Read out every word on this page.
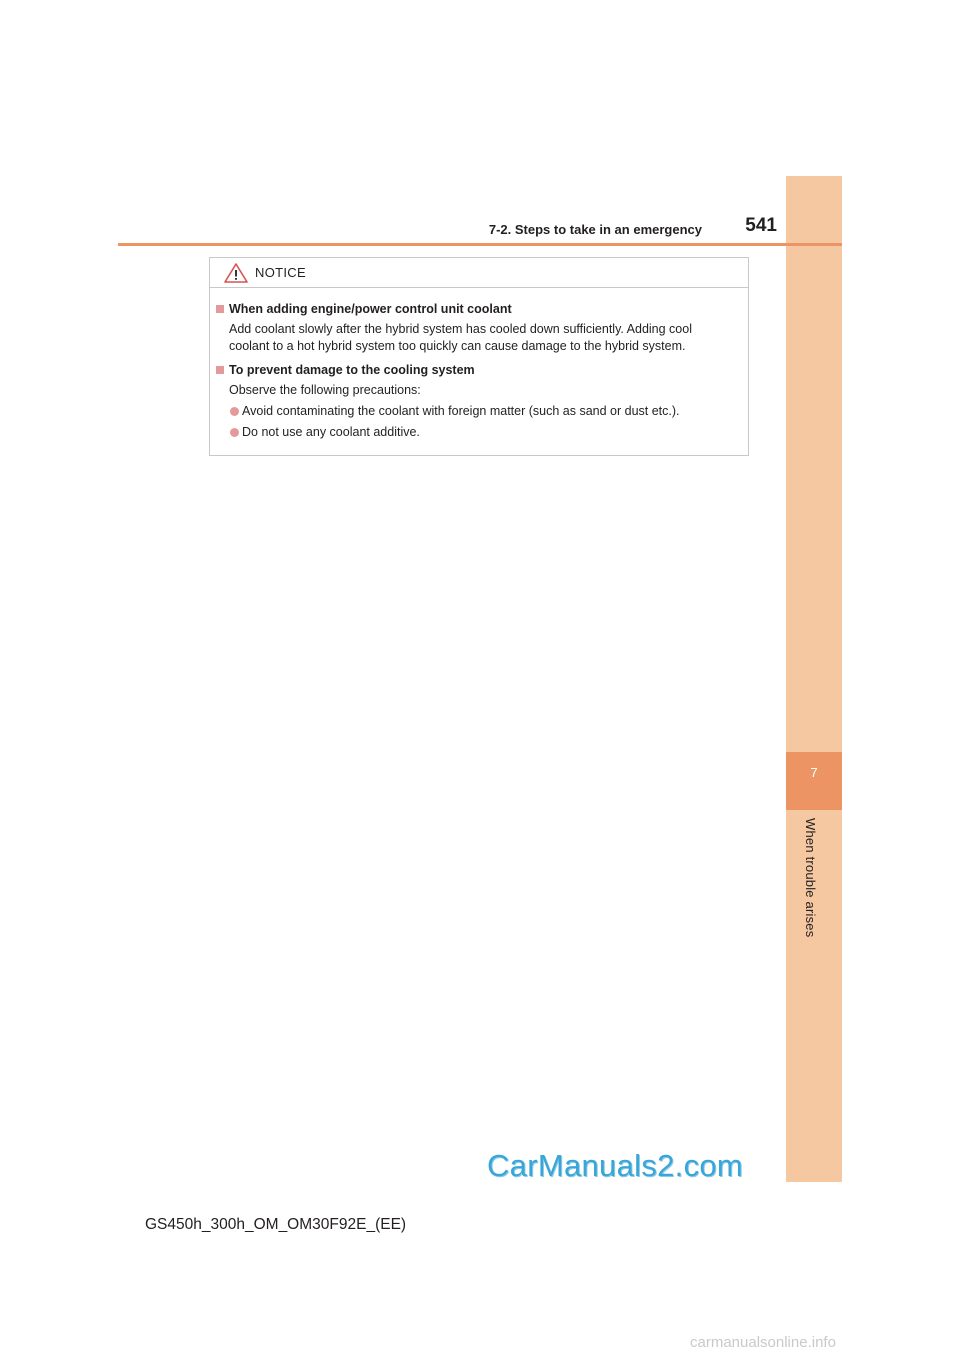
7
When trouble arises
7-2. Steps to take in an emergency	541
NOTICE
When adding engine/power control unit coolant
Add coolant slowly after the hybrid system has cooled down sufficiently. Adding cool
coolant to a hot hybrid system too quickly can cause damage to the hybrid system.
To prevent damage to the cooling system
Observe the following precautions:
Avoid contaminating the coolant with foreign matter (such as sand or dust etc.).
Do not use any coolant additive.
CarManuals2.com
GS450h_300h_OM_OM30F92E_(EE)
carmanualsonline.info
